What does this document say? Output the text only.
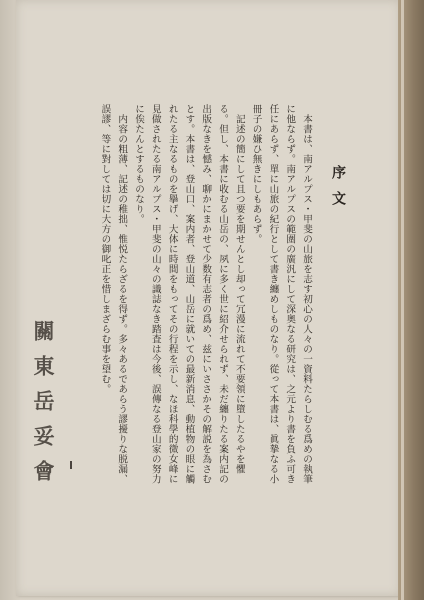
序文

本書は、南アルプス・甲斐の山旅を志す初心の人々の一資料たらしむる爲めの執筆に他ならず。南アルプスの範圍の廣汎にして深奥なる研究は、之元より書を負ふ可き任にあらず、單に山旅の紀行として書き纏めしものなり。從って本書は、眞摯なる小冊子の嫌ひ無きにしもあらず。

記述の簡にして且つ要を期せんとし却って冗漫に流れて不要領に墮したるやを懼る。但し、本書に收むる山岳の、夙に多く世に紹介せられず、未だ纏りたる案内記の出版なきを憾み、聊かにまかせて少数有志者の爲め、兹にいささかその解説を為さむとす。本書は、登山口、案内者、登山道、山岳に就いての最新消息、動植物の眼に觸れたる主なるものを擧げ、大体に時間をもってその行程を示し、なほ科學的微女峰に見做されたる南アルプス・甲斐の山々の識誌なき踏査は今後、誤傳なる登山家の努力に俟たんとするものなり。

内容の粗薄、記述の稚拙、惟悦たらざるを得ず。多々あるであらう謬擾りな脱漏、誤謬、等に對しては切に大方の御叱正を惜しまざらむ事を望む。

關東岳妥會
